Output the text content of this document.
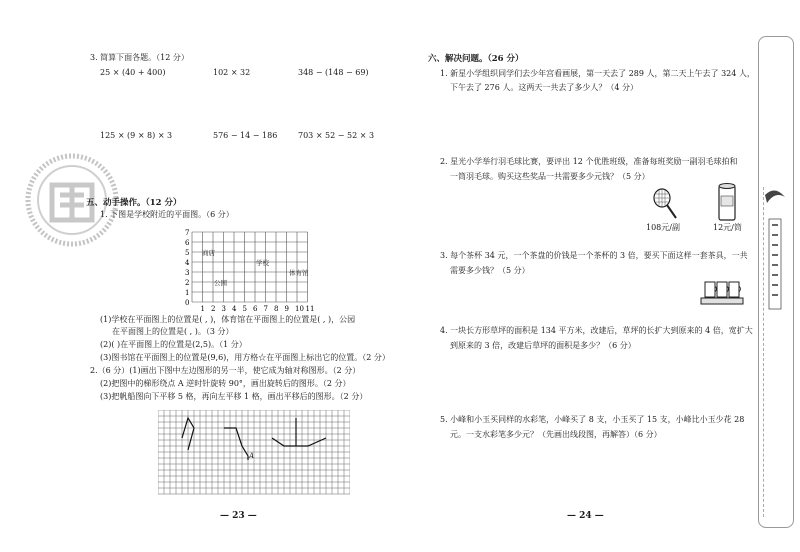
3. 简算下面各题。（12 分）
25 × (40 + 400)	102 × 32	348 − (148 − 69)
125 × (9 × 8) × 3	576 − 14 − 186	703 × 52 − 52 × 3
五、动手操作。（12 分）
1. 下图是学校附近的平面图。（6 分）
7
6
5
4
3
2
1
0
1 2 3 4 5 6 7 8 9 10 11
商店
学校
公园
体育馆
(1)学校在平面图上的位置是( , )，体育馆在平面图上的位置是( , )，公园
在平面图上的位置是( , )。（3 分）
(2)( )在平面图上的位置是(2,5)。（1 分）
(3)图书馆在平面图上的位置是(9,6)，用方格☆在平面图上标出它的位置。（2 分）
2.（6 分）(1)画出下图中左边图形的另一半，使它成为轴对称图形。（2 分）
(2)把图中的梯形绕点 A 逆时针旋转 90°，画出旋转后的图形。（2 分）
(3)把帆船图向下平移 5 格，再向左平移 1 格，画出平移后的图形。（2 分）
A
— 23 —
六、解决问题。（26 分）
1. 新星小学组织同学们去少年宫看画展，第一天去了 289 人，第二天上午去了 324 人，
下午去了 276 人。这两天一共去了多少人？（4 分）
2. 星光小学举行羽毛球比赛，要评出 12 个优胜班级，准备每班奖励一副羽毛球拍和
一筒羽毛球。购买这些奖品一共需要多少元钱？（5 分）
108元/副	12元/筒
3. 每个茶杯 34 元，一个茶盘的价钱是一个茶杯的 3 倍，要买下面这样一套茶具，一共
需要多少钱？（5 分）
4. 一块长方形草坪的面积是 134 平方米，改建后，草坪的长扩大到原来的 4 倍，宽扩大
到原来的 3 倍，改建后草坪的面积是多少？（6 分）
5. 小峰和小玉买同样的水彩笔，小峰买了 8 支，小玉买了 15 支，小峰比小玉少花 28
元。一支水彩笔多少元？（先画出线段图，再解答）（6 分）
— 24 —
